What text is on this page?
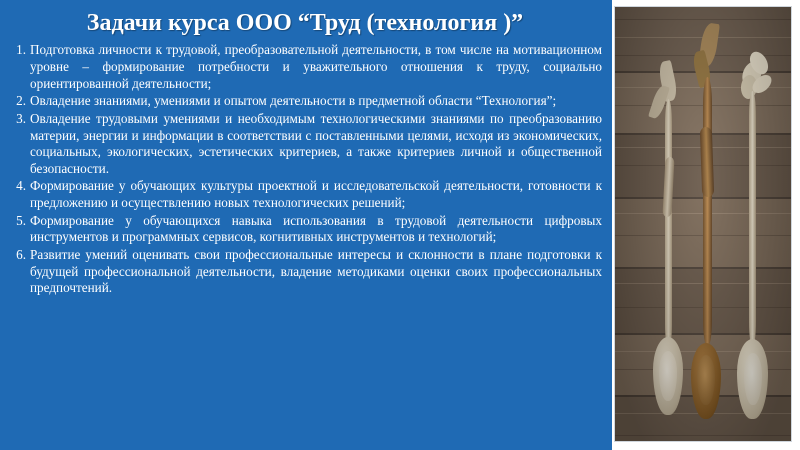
Задачи курса ООО “Труд (технология )”
Подготовка личности к трудовой, преобразовательной деятельности, в том числе на мотивационном уровне – формирование потребности и уважительного отношения к труду, социально ориентированной деятельности;
Овладение знаниями, умениями и опытом деятельности в предметной области “Технология”;
Овладение трудовыми умениями и необходимым технологическими знаниями по преобразованию материи, энергии и информации в соответствии с поставленными целями, исходя из экономических, социальных, экологических, эстетических критериев, а также критериев личной и общественной безопасности.
Формирование у обучающих культуры проектной и исследовательской деятельности, готовности к предложению и осуществлению новых технологических решений;
Формирование у обучающихся навыка использования в трудовой деятельности цифровых инструментов и программных сервисов, когнитивных инструментов и технологий;
Развитие умений оценивать свои профессиональные интересы и склонности в плане подготовки к будущей профессиональной деятельности, владение методиками оценки своих профессиональных предпочтений.
